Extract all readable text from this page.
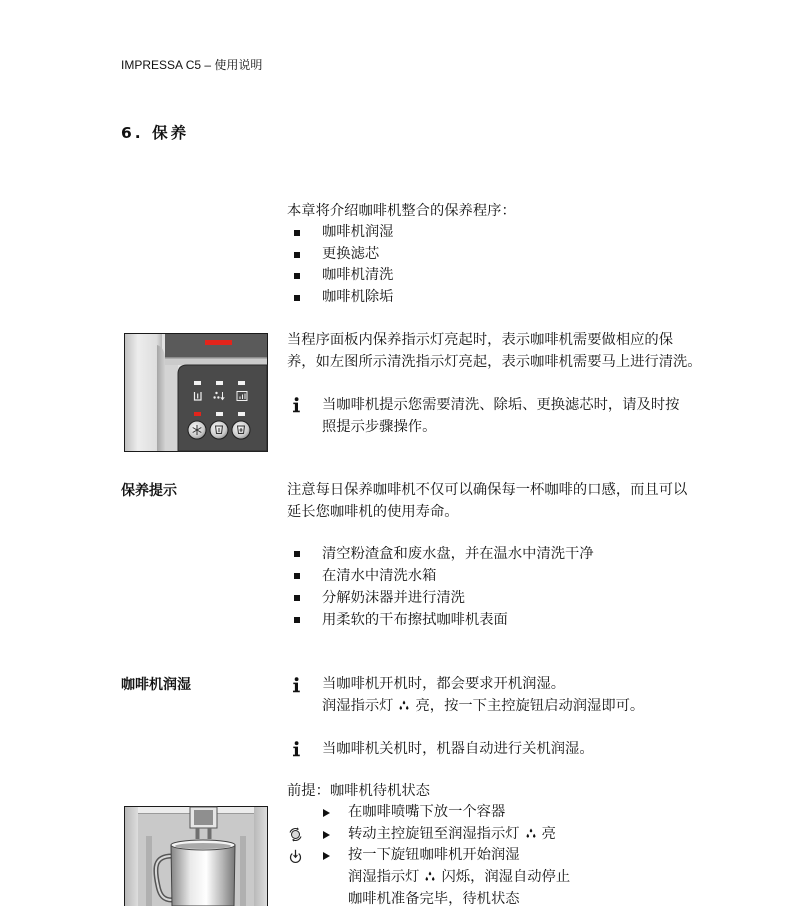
IMPRESSA C5 – 使用说明
6. 保养
本章将介绍咖啡机整合的保养程序：
咖啡机润湿
更换滤芯
咖啡机清洗
咖啡机除垢
当程序面板内保养指示灯亮起时，表示咖啡机需要做相应的保
养，如左图所示清洗指示灯亮起，表示咖啡机需要马上进行清洗。
当咖啡机提示您需要清洗、除垢、更换滤芯时，请及时按
照提示步骤操作。
保养提示	注意每日保养咖啡机不仅可以确保每一杯咖啡的口感，而且可以
延长您咖啡机的使用寿命。
清空粉渣盒和废水盘，并在温水中清洗干净
在清水中清洗水箱
分解奶沫器并进行清洗
用柔软的干布擦拭咖啡机表面
咖啡机润湿	当咖啡机开机时，都会要求开机润湿。
润湿指示灯 亮，按一下主控旋钮启动润湿即可。
当咖啡机关机时，机器自动进行关机润湿。
前提：咖啡机待机状态
在咖啡喷嘴下放一个容器
转动主控旋钮至润湿指示灯 亮
按一下旋钮咖啡机开始润湿
润湿指示灯 闪烁，润湿自动停止
咖啡机准备完毕，待机状态
